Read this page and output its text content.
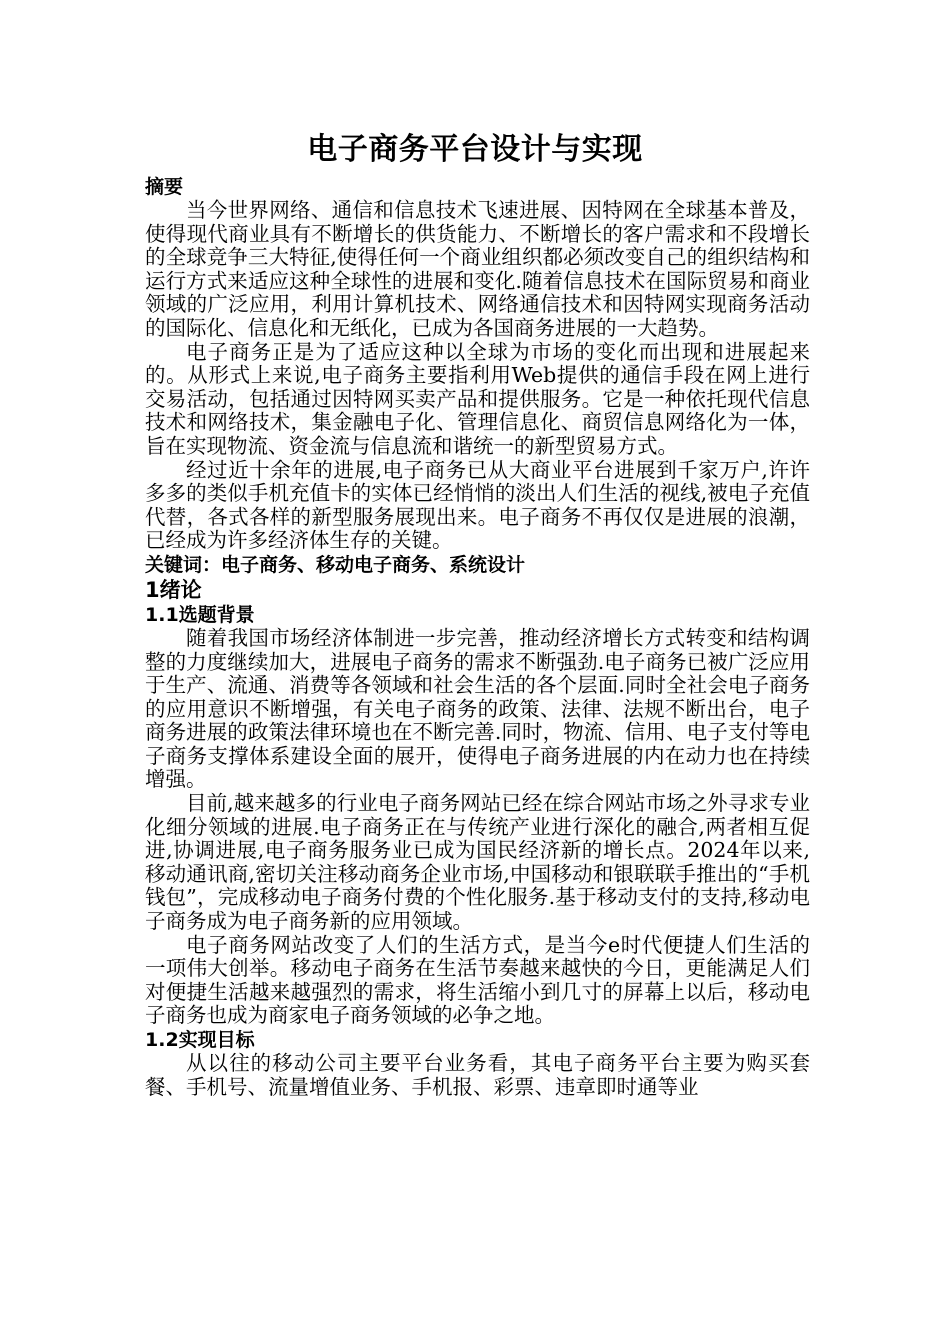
电子商务平台设计与实现
摘要

当今世界网络、通信和信息技术飞速进展、因特网在全球基本普及，使得现代商业具有不断增长的供货能力、不断增长的客户需求和不段增长的全球竞争三大特征,使得任何一个商业组织都必须改变自己的组织结构和运行方式来适应这种全球性的进展和变化.随着信息技术在国际贸易和商业领域的广泛应用，利用计算机技术、网络通信技术和因特网实现商务活动的国际化、信息化和无纸化，已成为各国商务进展的一大趋势。

电子商务正是为了适应这种以全球为市场的变化而出现和进展起来的。从形式上来说,电子商务主要指利用Web提供的通信手段在网上进行交易活动，包括通过因特网买卖产品和提供服务。它是一种依托现代信息技术和网络技术，集金融电子化、管理信息化、商贸信息网络化为一体，旨在实现物流、资金流与信息流和谐统一的新型贸易方式。

经过近十余年的进展,电子商务已从大商业平台进展到千家万户,许许多多的类似手机充值卡的实体已经悄悄的淡出人们生活的视线,被电子充值代替，各式各样的新型服务展现出来。电子商务不再仅仅是进展的浪潮，已经成为许多经济体生存的关键。

关键词：电子商务、移动电子商务、系统设计
1绪论
1.1选题背景

随着我国市场经济体制进一步完善，推动经济增长方式转变和结构调整的力度继续加大，进展电子商务的需求不断强劲.电子商务已被广泛应用于生产、流通、消费等各领域和社会生活的各个层面.同时全社会电子商务的应用意识不断增强，有关电子商务的政策、法律、法规不断出台，电子商务进展的政策法律环境也在不断完善.同时，物流、信用、电子支付等电子商务支撑体系建设全面的展开，使得电子商务进展的内在动力也在持续增强。

目前,越来越多的行业电子商务网站已经在综合网站市场之外寻求专业化细分领域的进展.电子商务正在与传统产业进行深化的融合,两者相互促进,协调进展,电子商务服务业已成为国民经济新的增长点。2024年以来,移动通讯商,密切关注移动商务企业市场,中国移动和银联联手推出的“手机钱包”，完成移动电子商务付费的个性化服务.基于移动支付的支持,移动电子商务成为电子商务新的应用领域。

电子商务网站改变了人们的生活方式，是当今e时代便捷人们生活的一项伟大创举。移动电子商务在生活节奏越来越快的今日，更能满足人们对便捷生活越来越强烈的需求，将生活缩小到几寸的屏幕上以后，移动电子商务也成为商家电子商务领域的必争之地。

1.2实现目标

从以往的移动公司主要平台业务看，其电子商务平台主要为购买套餐、手机号、流量增值业务、手机报、彩票、违章即时通等业
